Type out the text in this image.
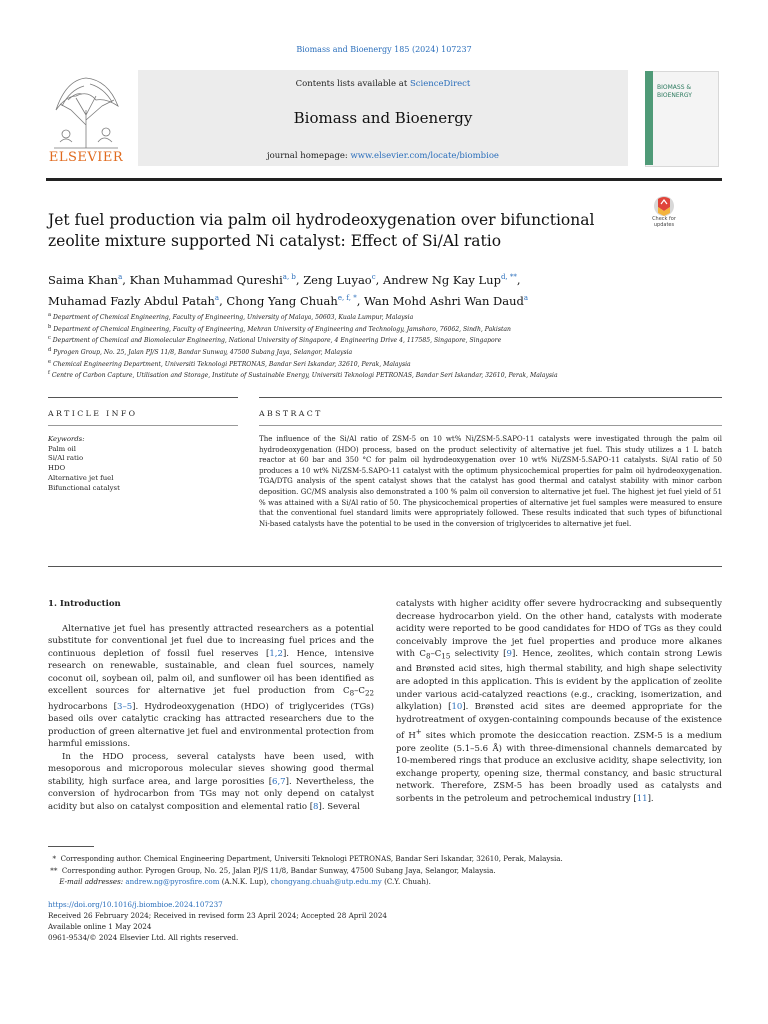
Biomass and Bioenergy 185 (2024) 107237
ELSEVIER
Contents lists available at ScienceDirect
Biomass and Bioenergy
journal homepage: www.elsevier.com/locate/biombioe
BIOMASS &
BIOENERGY
Jet fuel production via palm oil hydrodeoxygenation over bifunctional
zeolite mixture supported Ni catalyst: Effect of Si/Al ratio
Check for
updates
Saima Khan$^a$, Khan Muhammad Qureshi$^{a, b}$, Zeng Luyao$^c$, Andrew Ng Kay Lup$^{d, **}$,
Muhamad Fazly Abdul Patah$^a$, Chong Yang Chuah$^{e, f, *}$, Wan Mohd Ashri Wan Daud$^a$
$^a$ Department of Chemical Engineering, Faculty of Engineering, University of Malaya, 50603, Kuala Lumpur, Malaysia
$^b$ Department of Chemical Engineering, Faculty of Engineering, Mehran University of Engineering and Technology, Jamshoro, 76062, Sindh, Pakistan
$^c$ Department of Chemical and Biomolecular Engineering, National University of Singapore, 4 Engineering Drive 4, 117585, Singapore, Singapore
$^d$ Pyrogen Group, No. 25, Jalan PJ/S 11/8, Bandar Sunway, 47500 Subang Jaya, Selangor, Malaysia
$^e$ Chemical Engineering Department, Universiti Teknologi PETRONAS, Bandar Seri Iskandar, 32610, Perak, Malaysia
$^f$ Centre of Carbon Capture, Utilisation and Storage, Institute of Sustainable Energy, Universiti Teknologi PETRONAS, Bandar Seri Iskandar, 32610, Perak, Malaysia
ARTICLE INFO	ABSTRACT
Keywords:
Palm oil
Si/Al ratio
HDO
Alternative jet fuel
Bifunctional catalyst
The influence of the Si/Al ratio of ZSM-5 on 10 wt% Ni/ZSM-5.SAPO-11 catalysts were investigated through the palm oil hydrodeoxygenation (HDO) process, based on the product selectivity of alternative jet fuel. This study utilizes a 1 L batch reactor at 60 bar and 350 °C for palm oil hydrodeoxygenation over 10 wt% Ni/ZSM-5.SAPO-11 catalysts. Si/Al ratio of 50 produces a 10 wt% Ni/ZSM-5.SAPO-11 catalyst with the optimum physicochemical properties for palm oil hydrodeoxygenation. TGA/DTG analysis of the spent catalyst shows that the catalyst has good thermal and catalyst stability with minor carbon deposition. GC/MS analysis also demonstrated a 100 % palm oil conversion to alternative jet fuel. The highest jet fuel yield of 51 % was attained with a Si/Al ratio of 50. The physicochemical properties of alternative jet fuel samples were measured to ensure that the conventional fuel standard limits were appropriately followed. These results indicated that such types of bifunctional Ni-based catalysts have the potential to be used in the conversion of triglycerides to alternative jet fuel.
1. Introduction

Alternative jet fuel has presently attracted researchers as a potential substitute for conventional jet fuel due to increasing fuel prices and the continuous depletion of fossil fuel reserves [1,2]. Hence, intensive research on renewable, sustainable, and clean fuel sources, namely coconut oil, soybean oil, palm oil, and sunflower oil has been identified as excellent sources for alternative jet fuel production from $C_8-C_{22}$ hydrocarbons [3–5]. Hydrodeoxygenation (HDO) of triglycerides (TGs) based oils over catalytic cracking has attracted researchers due to the production of green alternative jet fuel and environmental protection from harmful emissions.

In the HDO process, several catalysts have been used, with mesoporous and microporous molecular sieves showing good thermal stability, high surface area, and large porosities [6,7]. Nevertheless, the conversion of hydrocarbon from TGs may not only depend on catalyst acidity but also on catalyst composition and elemental ratio [8]. Several

catalysts with higher acidity offer severe hydrocracking and subsequently decrease hydrocarbon yield. On the other hand, catalysts with moderate acidity were reported to be good candidates for HDO of TGs as they could conceivably improve the jet fuel properties and produce more alkanes with $C_8-C_{15}$ selectivity [9]. Hence, zeolites, which contain strong Lewis and Brønsted acid sites, high thermal stability, and high shape selectivity are adopted in this application. This is evident by the application of zeolite under various acid-catalyzed reactions (e.g., cracking, isomerization, and alkylation) [10]. Brønsted acid sites are deemed appropriate for the hydrotreatment of oxygen-containing compounds because of the existence of H+ sites which promote the desiccation reaction. ZSM-5 is a medium pore zeolite (5.1–5.6 Å) with three-dimensional channels demarcated by 10-membered rings that produce an exclusive acidity, shape selectivity, ion exchange property, opening size, thermal constancy, and basic structural network. Therefore, ZSM-5 has been broadly used as catalysts and sorbents in the petroleum and petrochemical industry [11].

* Corresponding author. Chemical Engineering Department, Universiti Teknologi PETRONAS, Bandar Seri Iskandar, 32610, Perak, Malaysia.
** Corresponding author. Pyrogen Group, No. 25, Jalan PJ/S 11/8, Bandar Sunway, 47500 Subang Jaya, Selangor, Malaysia.
E-mail addresses: andrew.ng@pyrosfire.com (A.N.K. Lup), chongyang.chuah@utp.edu.my (C.Y. Chuah).
https://doi.org/10.1016/j.biombioe.2024.107237
Received 26 February 2024; Received in revised form 23 April 2024; Accepted 28 April 2024
Available online 1 May 2024
0961-9534/© 2024 Elsevier Ltd. All rights reserved.
